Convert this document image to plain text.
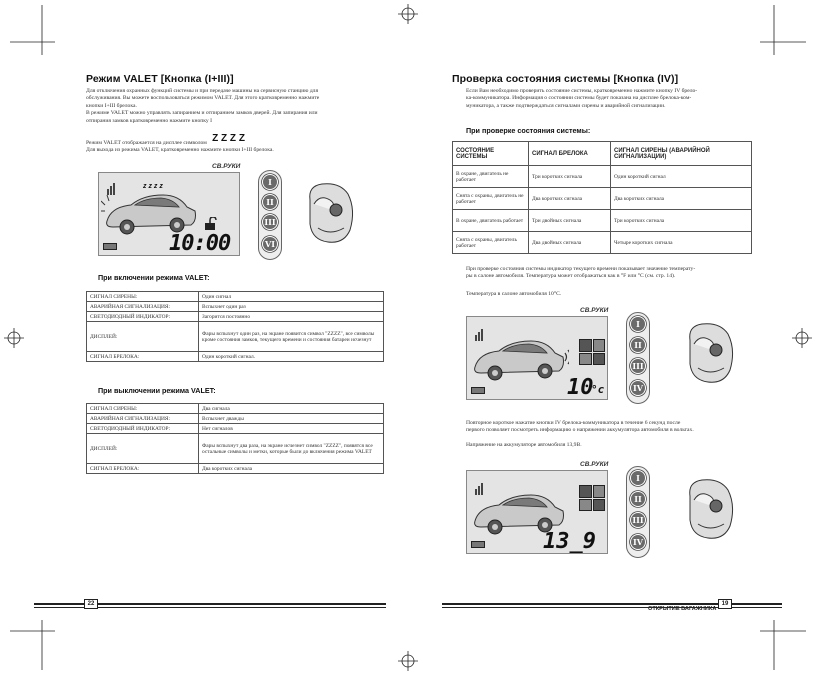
Режим VALET [Кнопка (I+III)]
Для отключения охранных функций системы и при передаче машины на сервисную станцию для
обслуживания. Вы можете воспользоваться режимом VALET. Для этого кратковременно нажмите
кнопки I+III брелока.
В режиме VALET можно управлять запиранием и отпиранием замков дверей. Для запирания или
отпирания замков кратковременно нажмите кнопку I
Режим VALET отображается на дисплее символом Z Z Z Z
Для выхода из режима VALET, кратковременно нажмите кнопки I+III брелока.
z z z z
10:00
СВ.РУКИ
I
II
III
VI
При включении режима VALET:
СИГНАЛ СИРЕНЫ:	Один сигнал
АВАРИЙНАЯ СИГНАЛИЗАЦИЯ:	Вспыхнет один раз
СВЕТОДИОДНЫЙ ИНДИКАТОР:	Загорится постоянно
ДИСПЛЕЙ:	Фары вспыхнут один раз, на экране появится символ "ZZZZ", все символы кроме состояния замков, текущего времени и состояния батареи исчезнут
СИГНАЛ БРЕЛОКА:	Один короткий сигнал.
При выключении режима VALET:
СИГНАЛ СИРЕНЫ:	Два сигнала
АВАРИЙНАЯ СИГНАЛИЗАЦИЯ:	Вспыхнет дважды
СВЕТОДИОДНЫЙ ИНДИКАТОР:	Нет сигналов
ДИСПЛЕЙ:	Фары вспыхнут два раза, на экране исчезнет символ "ZZZZ", появятся все остальные символы и метки, которые были до включения режима VALET
СИГНАЛ БРЕЛОКА:	Два коротких сигнала
22
Проверка состояния системы [Кнопка (IV)]
Если Вам необходимо проверить состояние системы, кратковременно нажмите кнопку IV брело-
ка-коммуникатора. Информация о состоянии системы будет показана на дисплее брелока-ком-
муникатора, а также подтверждаться сигналами сирены и аварийной сигнализации.
При проверке состояния системы:
СОСТОЯНИЕ СИСТЕМЫ	СИГНАЛ БРЕЛОКА	СИГНАЛ СИРЕНЫ (АВАРИЙНОЙ СИГНАЛИЗАЦИИ)
В охране, двигатель не работает	Три коротких сигнала	Один короткий сигнал
Снята с охраны, двигатель не работает	Два коротких сигнала	Два коротких сигнала
В охране, двигатель работает	Три двойных сигнала	Три коротких сигнала
Снята с охраны, двигатель работает	Два двойных сигнала	Четыре коротких сигнала
При проверке состояния системы индикатор текущего времени показывает значение температу-
ры в салоне автомобиля. Температура может отображаться как в °F или °С (см. стр. 14).
Температура в салоне автомобиля 10°С.
10
°c
СВ.РУКИ
I
II
III
IV
Повторное короткое нажатие кнопки IV брелока-коммуникатора в течение 6 секунд после
первого позволяет посмотреть информацию о напряжении аккумулятора автомобиля в вольтах.
Напряжение на аккумуляторе автомобиля 13,9В.
13_9
СВ.РУКИ
I
II
III
IV
ОТКРЫТИЕ БАГАЖНИКА
19
